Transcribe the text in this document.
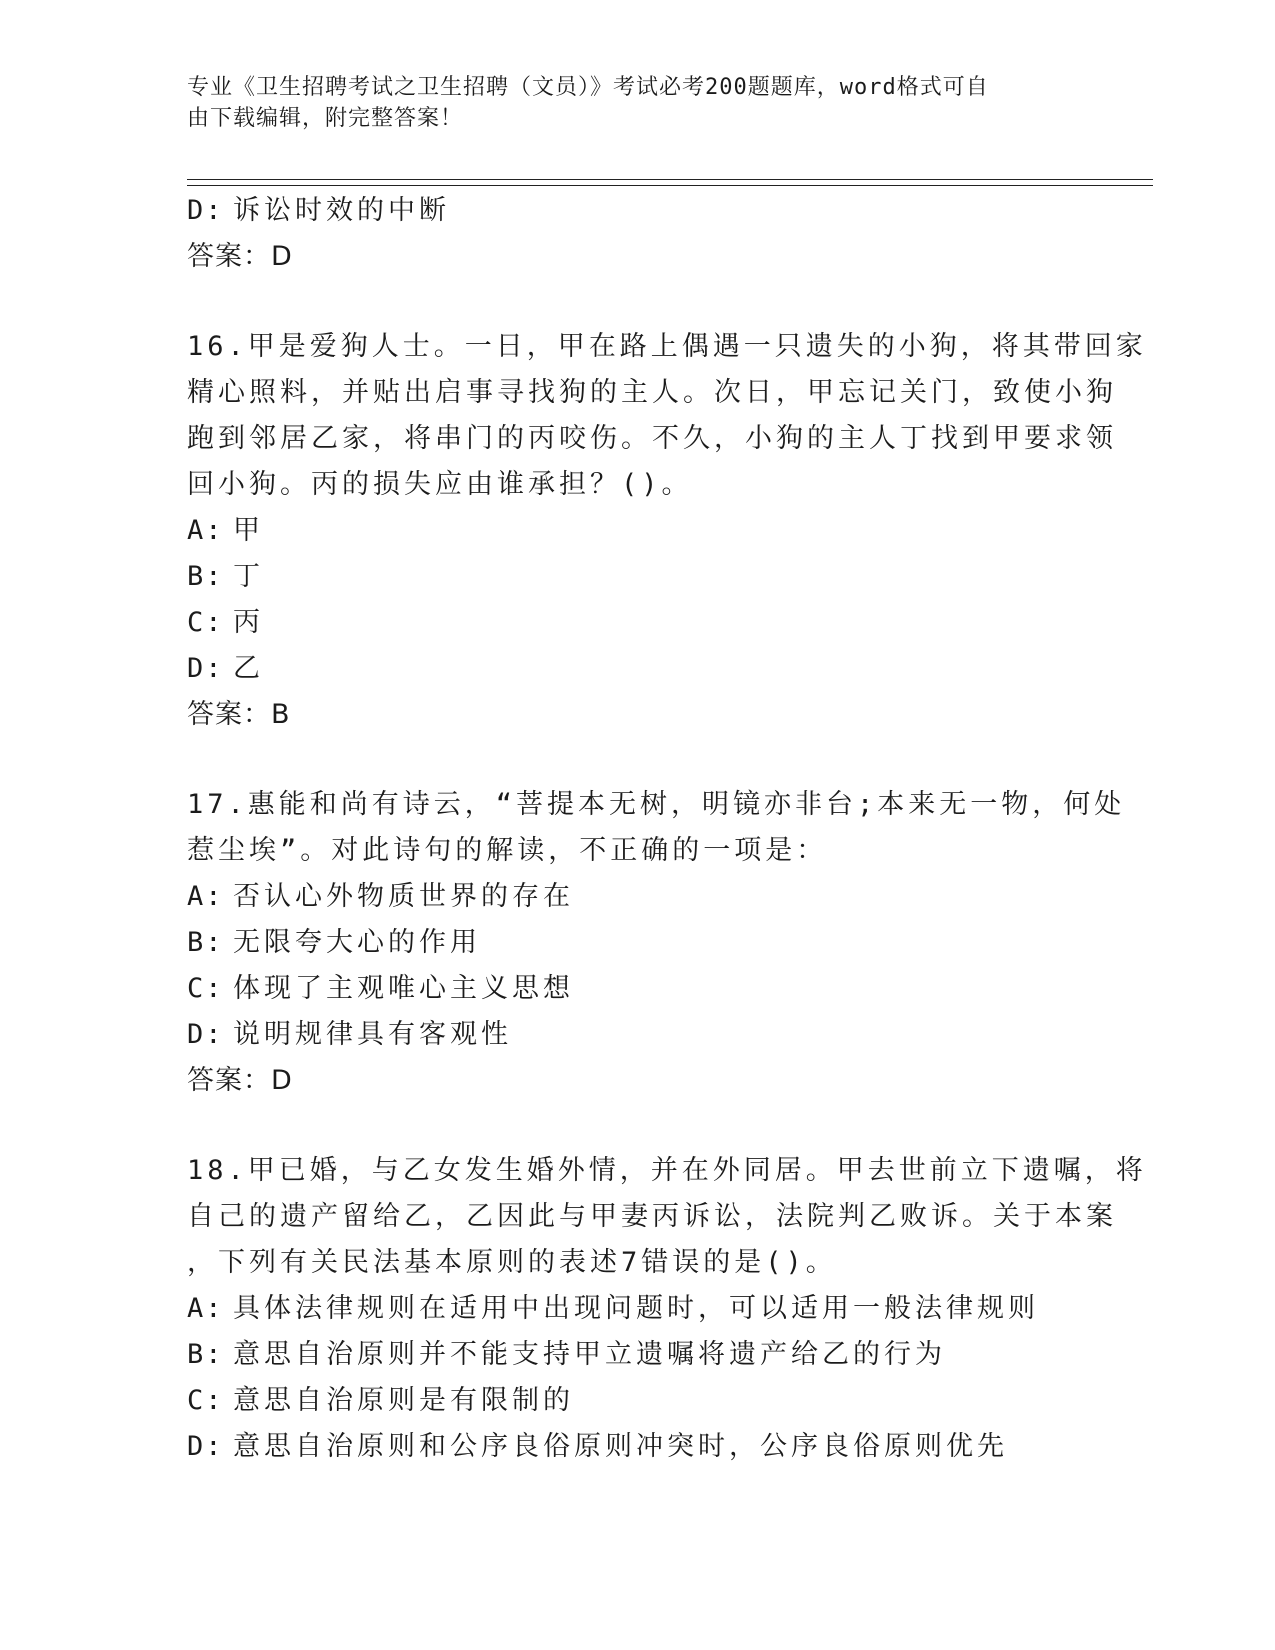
专业《卫生招聘考试之卫生招聘（文员）》考试必考200题题库，word格式可自
由下载编辑，附完整答案！
D: 诉讼时效的中断
答案：D
16.甲是爱狗人士。一日，甲在路上偶遇一只遗失的小狗，将其带回家
精心照料，并贴出启事寻找狗的主人。次日，甲忘记关门，致使小狗
跑到邻居乙家，将串门的丙咬伤。不久，小狗的主人丁找到甲要求领
回小狗。丙的损失应由谁承担？()。
A: 甲
B: 丁
C: 丙
D: 乙
答案：B
17.惠能和尚有诗云，“菩提本无树，明镜亦非台;本来无一物，何处
惹尘埃”。对此诗句的解读，不正确的一项是：
A: 否认心外物质世界的存在
B: 无限夸大心的作用
C: 体现了主观唯心主义思想
D: 说明规律具有客观性
答案：D
18.甲已婚，与乙女发生婚外情，并在外同居。甲去世前立下遗嘱，将
自己的遗产留给乙，乙因此与甲妻丙诉讼，法院判乙败诉。关于本案
，下列有关民法基本原则的表述7错误的是()。
A: 具体法律规则在适用中出现问题时，可以适用一般法律规则
B: 意思自治原则并不能支持甲立遗嘱将遗产给乙的行为
C: 意思自治原则是有限制的
D: 意思自治原则和公序良俗原则冲突时，公序良俗原则优先
